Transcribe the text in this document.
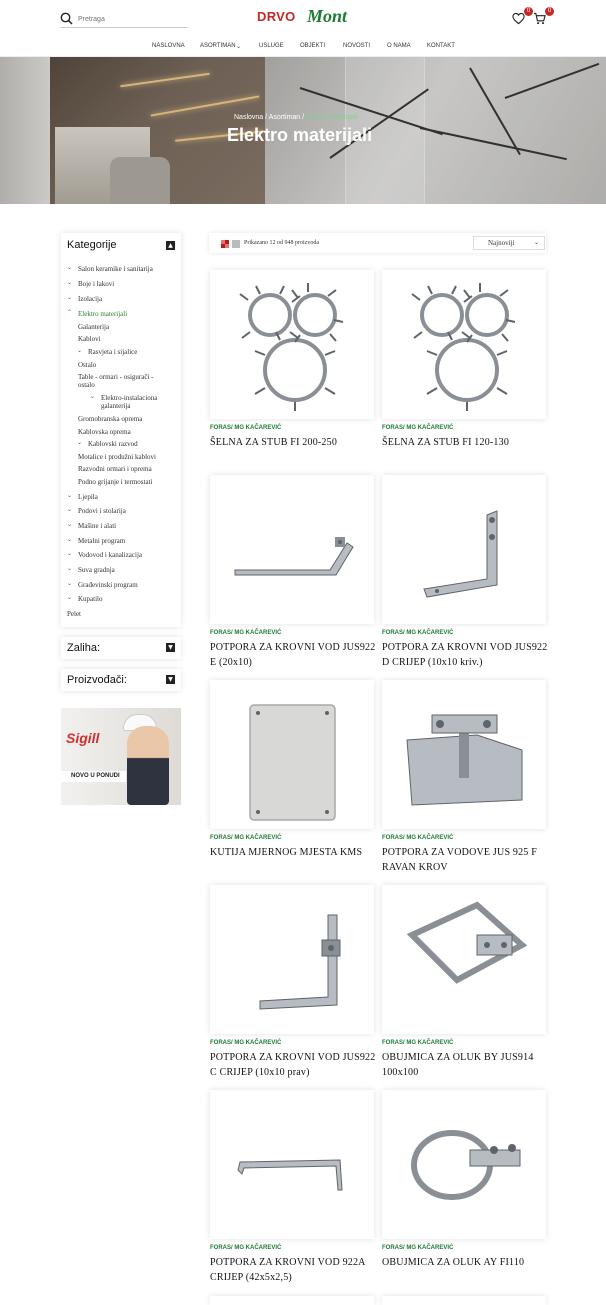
Pretraga
DRVO Mont	0	0
NASLOVNA	ASORTIMAN ⌄	USLUGE	OBJEKTI	NOVOSTI	O NAMA	KONTAKT
Naslovna / Asortiman / Elektro materijali
Elektro materijali
Kategorije	▲
Salon keramike i sanitarija
⌄
Boje i lakovi
⌄
Izolacija
⌄
Elektro materijali
⌃
Galanterija
Kablovi
Rasvjeta i sijalice
⌄
Ostalo
Table - ormari - osigurači -
ostalo
Elektro-instalaciona
⌄
galanterija
Gromobranska oprema
Kablovska oprema
Kablovski razvod
⌄
Motalice i produžni kablovi
Razvodni ormari i oprema
Podno grijanje i termostati
Ljepila
⌄
Podovi i stolarija
⌄
Mašine i alati
⌄
Metalni program
⌄
Vodovod i kanalizacija
⌄
Suva gradnja
⌄
Građevinski program
⌄
Kupatilo
⌄
Pelet
Zaliha:	▼
Proizvođači:	▼
Sigill
NOVO U PONUDI
Prikazano 12 od 948 proizvoda	Najnoviji	⌄
FORAS/ MG KAČAREVIĆ
ŠELNA ZA STUB FI 200-250
FORAS/ MG KAČAREVIĆ
ŠELNA ZA STUB FI 120-130
FORAS/ MG KAČAREVIĆ
POTPORA ZA KROVNI VOD JUS922 E (20x10)
FORAS/ MG KAČAREVIĆ
POTPORA ZA KROVNI VOD JUS922 D CRIJEP (10x10 kriv.)
FORAS/ MG KAČAREVIĆ
KUTIJA MJERNOG MJESTA KMS
FORAS/ MG KAČAREVIĆ
POTPORA ZA VODOVE JUS 925 F RAVAN KROV
FORAS/ MG KAČAREVIĆ
POTPORA ZA KROVNI VOD JUS922 C CRIJEP (10x10 prav)
FORAS/ MG KAČAREVIĆ
OBUJMICA ZA OLUK BY JUS914 100x100
FORAS/ MG KAČAREVIĆ
POTPORA ZA KROVNI VOD 922A CRIJEP (42x5x2,5)
FORAS/ MG KAČAREVIĆ
OBUJMICA ZA OLUK AY FI110
